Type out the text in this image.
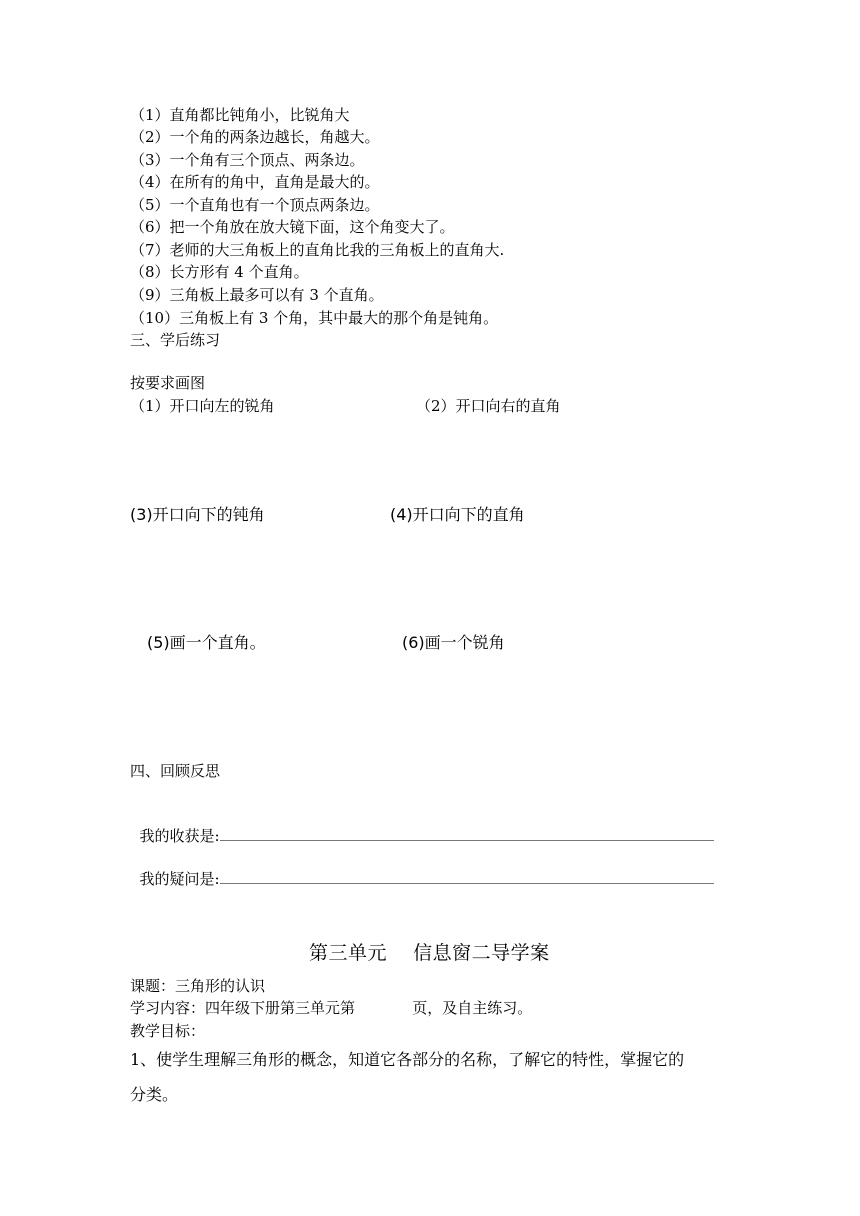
（1）直角都比钝角小，比锐角大
（2）一个角的两条边越长，角越大。
（3）一个角有三个顶点、两条边。
（4）在所有的角中，直角是最大的。
（5）一个直角也有一个顶点两条边。
（6）把一个角放在放大镜下面，这个角变大了。
（7）老师的大三角板上的直角比我的三角板上的直角大.
（8）长方形有 4 个直角。
（9）三角板上最多可以有 3 个直角。
（10）三角板上有 3 个角，其中最大的那个角是钝角。
三、学后练习
按要求画图
（1）开口向左的锐角	（2）开口向右的直角
(3)开口向下的钝角	(4)开口向下的直角
(5)画一个直角。	(6)画一个锐角
四、回顾反思

我的收获是:

我的疑问是:

第三单元    信息窗二导学案
课题：三角形的认识
学习内容：四年级下册第三单元第            页，及自主练习。
教学目标：
1、使学生理解三角形的概念，知道它各部分的名称，了解它的特性，掌握它的
分类。
